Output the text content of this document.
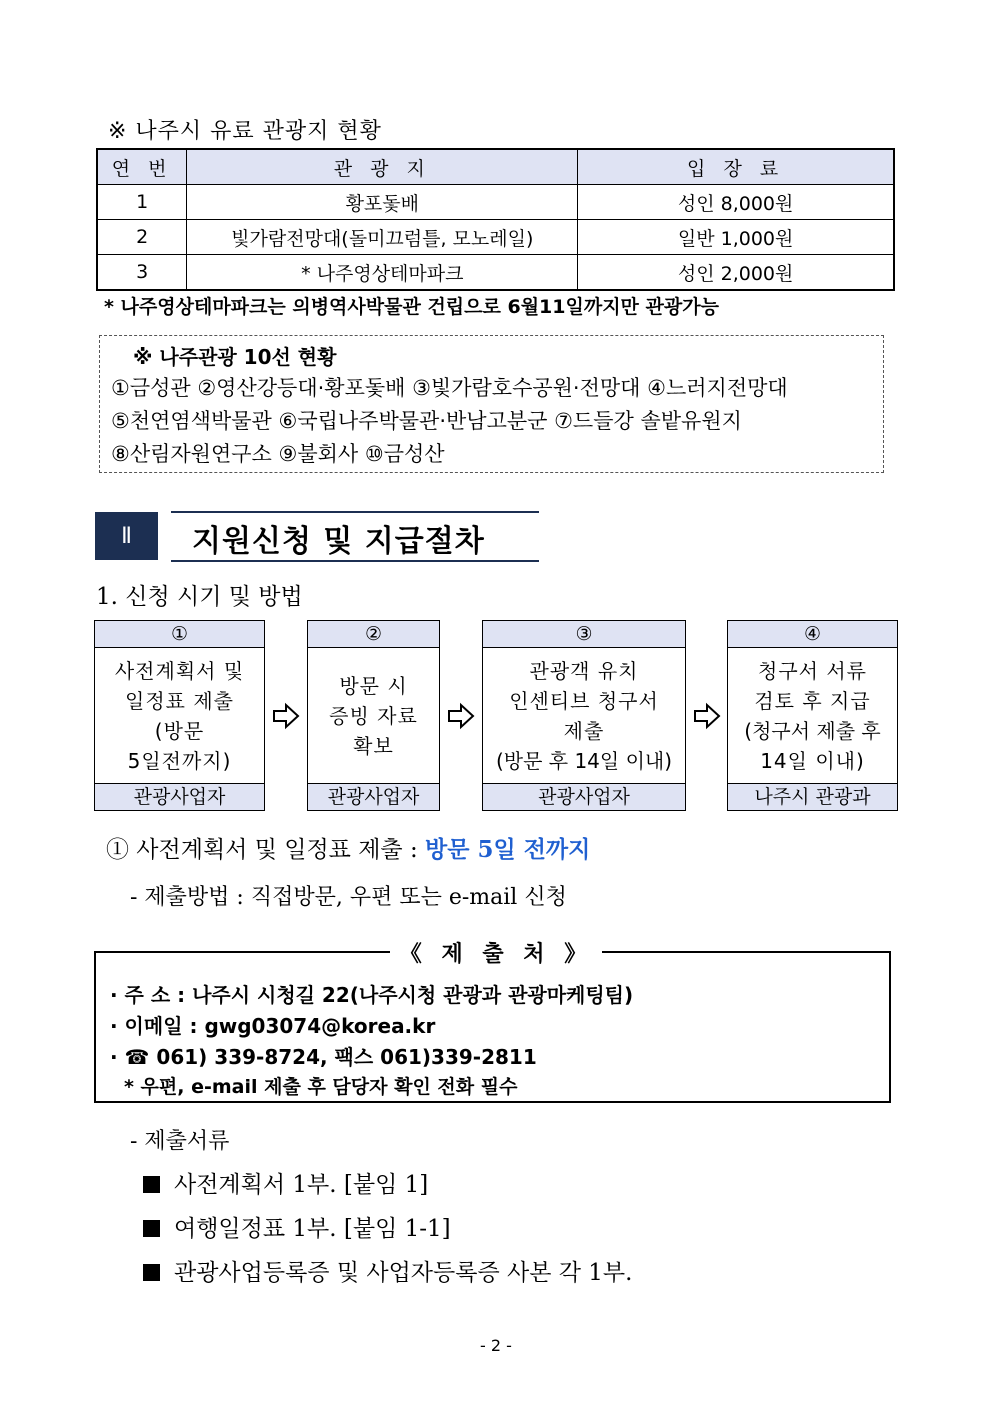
※ 나주시 유료 관광지 현황
연 번	관 광 지	입 장 료
1	황포돛배	성인 8,000원
2	빛가람전망대(돌미끄럼틀, 모노레일)	일반 1,000원
3	* 나주영상테마파크	성인 2,000원
* 나주영상테마파크는 의병역사박물관 건립으로 6월11일까지만 관광가능
※ 나주관광 10선 현황
①금성관 ②영산강등대·황포돛배 ③빛가람호수공원·전망대 ④느러지전망대
⑤천연염색박물관 ⑥국립나주박물관·반남고분군 ⑦드들강 솔밭유원지
⑧산림자원연구소 ⑨불회사 ⑩금성산
Ⅱ	지원신청 및 지급절차
1. 신청 시기 및 방법
①
사전계획서 및
일정표 제출
(방문
5일전까지)
관광사업자
②
방문 시
증빙 자료
확보
관광사업자
③
관광객 유치
인센티브 청구서
제출
(방문 후 14일 이내)
관광사업자
④
청구서 서류
검토 후 지급
(청구서 제출 후
14일 이내)
나주시 관광과
① 사전계획서 및 일정표 제출 : 방문 5일 전까지
- 제출방법 : 직접방문, 우편 또는 e-mail 신청
《 제 출 처 》
· 주 소 : 나주시 시청길 22(나주시청 관광과 관광마케팅팀)
· 이메일 : gwg03074@korea.kr
· ☎ 061) 339-8724, 팩스 061)339-2811
* 우편, e-mail 제출 후 담당자 확인 전화 필수
- 제출서류
사전계획서 1부. [붙임 1]
여행일정표 1부. [붙임 1-1]
관광사업등록증 및 사업자등록증 사본 각 1부.
- 2 -
